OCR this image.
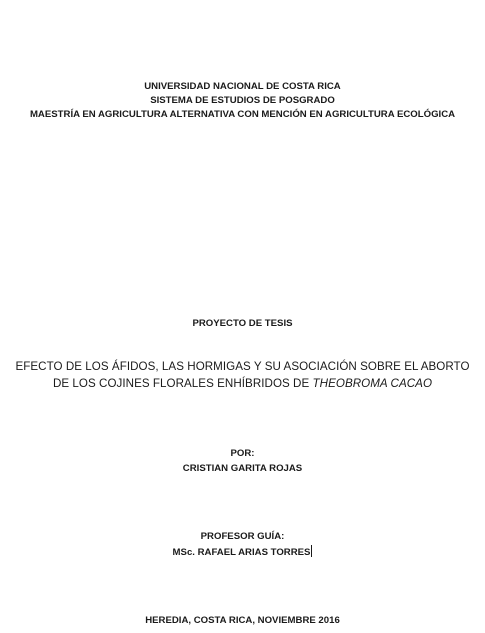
UNIVERSIDAD NACIONAL DE COSTA RICA
SISTEMA DE ESTUDIOS DE POSGRADO
MAESTRÍA EN AGRICULTURA ALTERNATIVA CON MENCIÓN EN AGRICULTURA ECOLÓGICA
PROYECTO DE TESIS
EFECTO DE LOS ÁFIDOS, LAS HORMIGAS Y SU ASOCIACIÓN SOBRE EL ABORTO
DE LOS COJINES FLORALES ENHÍBRIDOS DE THEOBROMA CACAO
POR:
CRISTIAN GARITA ROJAS
PROFESOR GUÍA:
MSc. RAFAEL ARIAS TORRES
HEREDIA, COSTA RICA, NOVIEMBRE 2016
